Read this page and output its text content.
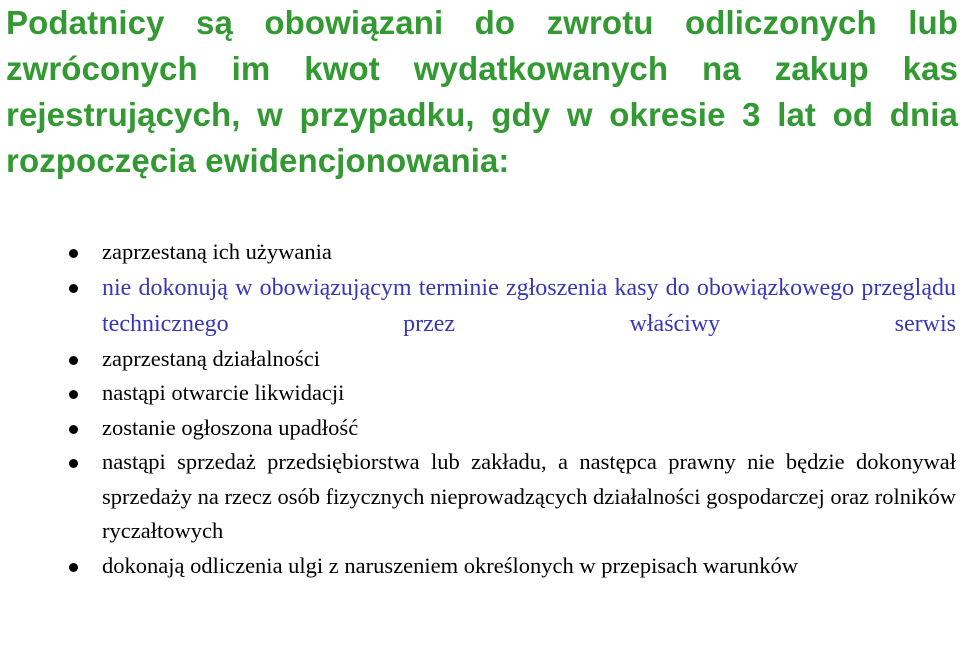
Podatnicy są obowiązani do zwrotu odliczonych lub zwróconych im kwot wydatkowanych na zakup kas rejestrujących, w przypadku, gdy w okresie 3 lat od dnia rozpoczęcia ewidencjonowania:

zaprzestaną ich używania
nie dokonują w obowiązującym terminie zgłoszenia kasy do obowiązkowego przeglądu technicznego przez właściwy serwis
zaprzestaną działalności
nastąpi otwarcie likwidacji
zostanie ogłoszona upadłość
nastąpi sprzedaż przedsiębiorstwa lub zakładu, a następca prawny nie będzie dokonywał sprzedaży na rzecz osób fizycznych nieprowadzących działalności gospodarczej oraz rolników ryczałtowych
dokonają odliczenia ulgi z naruszeniem określonych w przepisach warunków
